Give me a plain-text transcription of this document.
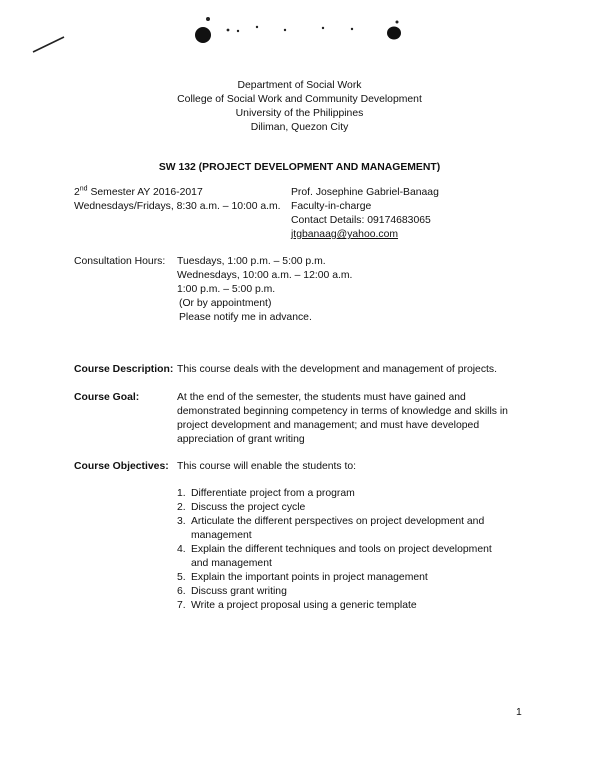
Department of Social Work
College of Social Work and Community Development
University of the Philippines
Diliman, Quezon City
SW 132 (PROJECT DEVELOPMENT AND MANAGEMENT)
2nd Semester AY 2016-2017
Wednesdays/Fridays, 8:30 a.m. – 10:00 a.m.
Prof. Josephine Gabriel-Banaag
Faculty-in-charge
Contact Details: 09174683065
jtgbanaag@yahoo.com
Consultation Hours: Tuesdays, 1:00 p.m. – 5:00 p.m.
Wednesdays, 10:00 a.m. – 12:00 a.m.
1:00 p.m. – 5:00 p.m.
(Or by appointment)
Please notify me in advance.
Course Description: This course deals with the development and management of projects.
Course Goal:	At the end of the semester, the students must have gained and
demonstrated beginning competency in terms of knowledge and skills in
project development and management; and must have developed
appreciation of grant writing
Course Objectives: This course will enable the students to:
1. Differentiate project from a program
2. Discuss the project cycle
3. Articulate the different perspectives on project development and
management
4. Explain the different techniques and tools on project development
and management
5. Explain the important points in project management
6. Discuss grant writing
7. Write a project proposal using a generic template
1
